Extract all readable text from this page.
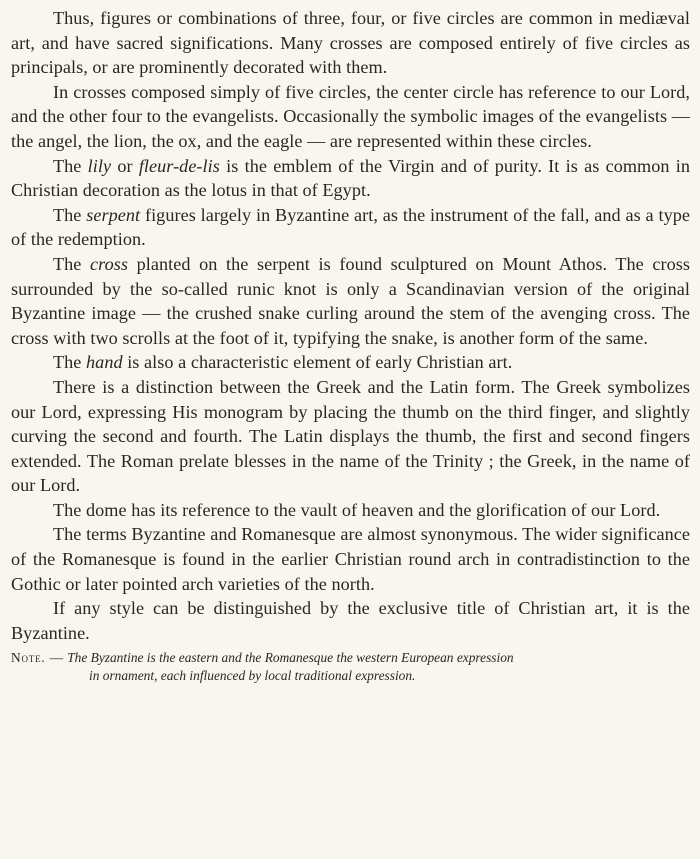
Thus, figures or combinations of three, four, or five circles are common in mediæval art, and have sacred significations. Many crosses are composed entirely of five circles as principals, or are prominently decorated with them.

In crosses composed simply of five circles, the center circle has reference to our Lord, and the other four to the evangelists. Occasionally the symbolic images of the evangelists — the angel, the lion, the ox, and the eagle — are represented within these circles.

The lily or fleur-de-lis is the emblem of the Virgin and of purity. It is as common in Christian decoration as the lotus in that of Egypt.

The serpent figures largely in Byzantine art, as the instrument of the fall, and as a type of the redemption.

The cross planted on the serpent is found sculptured on Mount Athos. The cross surrounded by the so-called runic knot is only a Scandinavian version of the original Byzantine image — the crushed snake curling around the stem of the avenging cross. The cross with two scrolls at the foot of it, typifying the snake, is another form of the same.

The hand is also a characteristic element of early Christian art.

There is a distinction between the Greek and the Latin form. The Greek symbolizes our Lord, expressing His monogram by placing the thumb on the third finger, and slightly curving the second and fourth. The Latin displays the thumb, the first and second fingers extended. The Roman prelate blesses in the name of the Trinity ; the Greek, in the name of our Lord.

The dome has its reference to the vault of heaven and the glorification of our Lord.

The terms Byzantine and Romanesque are almost synonymous. The wider significance of the Romanesque is found in the earlier Christian round arch in contradistinction to the Gothic or later pointed arch varieties of the north.

If any style can be distinguished by the exclusive title of Christian art, it is the Byzantine.

Note. — The Byzantine is the eastern and the Romanesque the western European expression
in ornament, each influenced by local traditional expression.
